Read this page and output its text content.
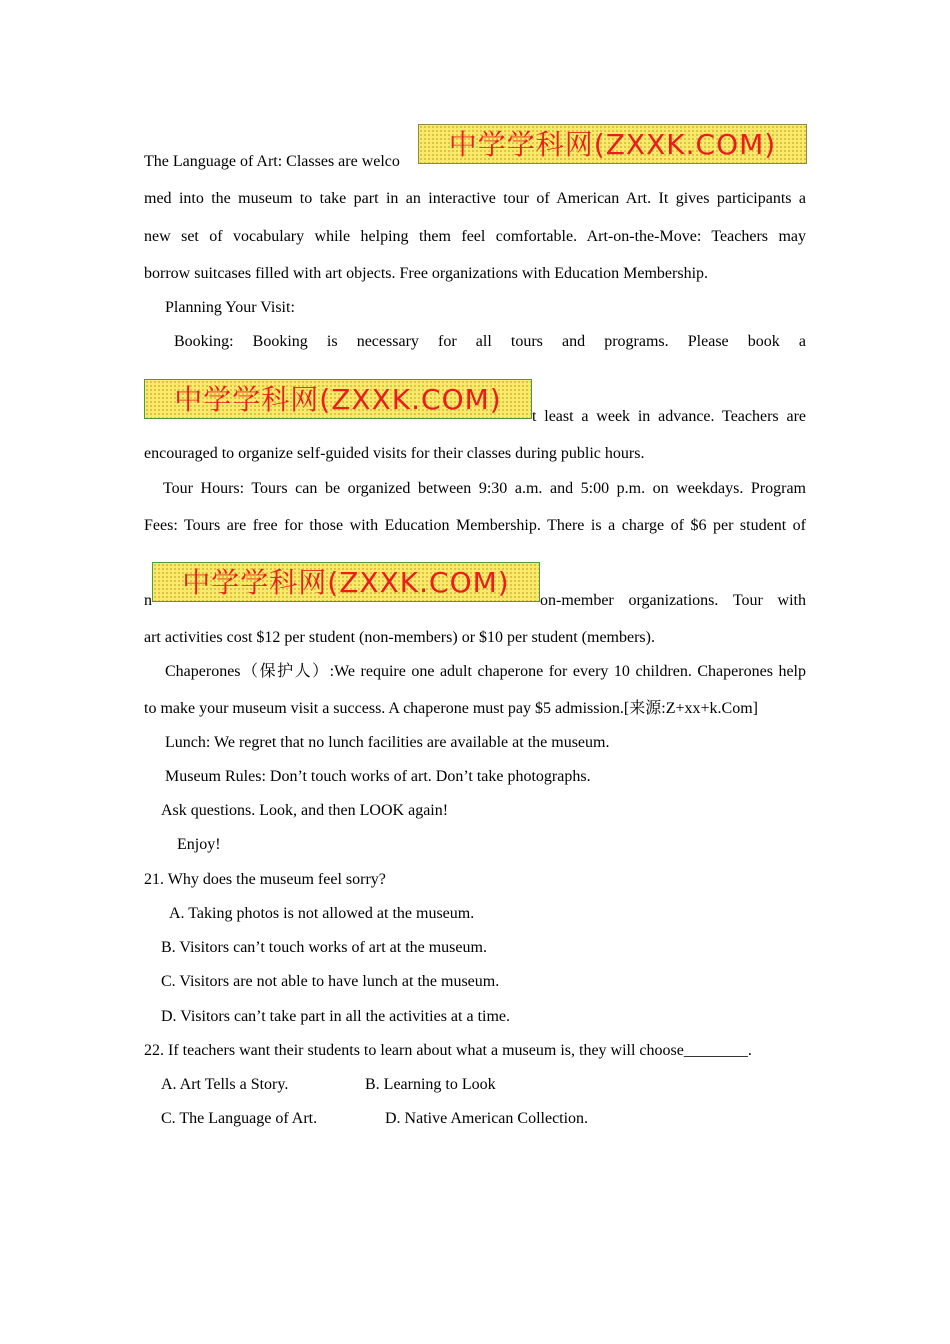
The Language of Art: Classes are welco
中学学科网(ZXXK.COM)
med into the museum to take part in an interactive tour of American Art. It gives participants a
new set of vocabulary while helping them feel comfortable. Art-on-the-Move: Teachers may
borrow suitcases filled with art objects. Free organizations with Education Membership.
Planning Your Visit:
Booking: Booking is necessary for all tours and programs. Please book a
中学学科网(ZXXK.COM)
t least a week in advance. Teachers are
encouraged to organize self-guided visits for their classes during public hours.
Tour Hours: Tours can be organized between 9:30 a.m. and 5:00 p.m. on weekdays. Program
Fees: Tours are free for those with Education Membership. There is a charge of $6 per student of
n
中学学科网(ZXXK.COM)
on-member organizations. Tour with
art activities cost $12 per student (non-members) or $10 per student (members).
Chaperones（保护人）:We require one adult chaperone for every 10 children. Chaperones help
to make your museum visit a success. A chaperone must pay $5 admission.[来源:Z+xx+k.Com]
Lunch: We regret that no lunch facilities are available at the museum.
Museum Rules: Don’t touch works of art. Don’t take photographs.
Ask questions. Look, and then LOOK again!
Enjoy!
21. Why does the museum feel sorry?
A. Taking photos is not allowed at the museum.
B. Visitors can’t touch works of art at the museum.
C. Visitors are not able to have lunch at the museum.
D. Visitors can’t take part in all the activities at a time.
22. If teachers want their students to learn about what a museum is, they will choose________.
A. Art Tells a Story.	B. Learning to Look
C. The Language of Art.	D. Native American Collection.
